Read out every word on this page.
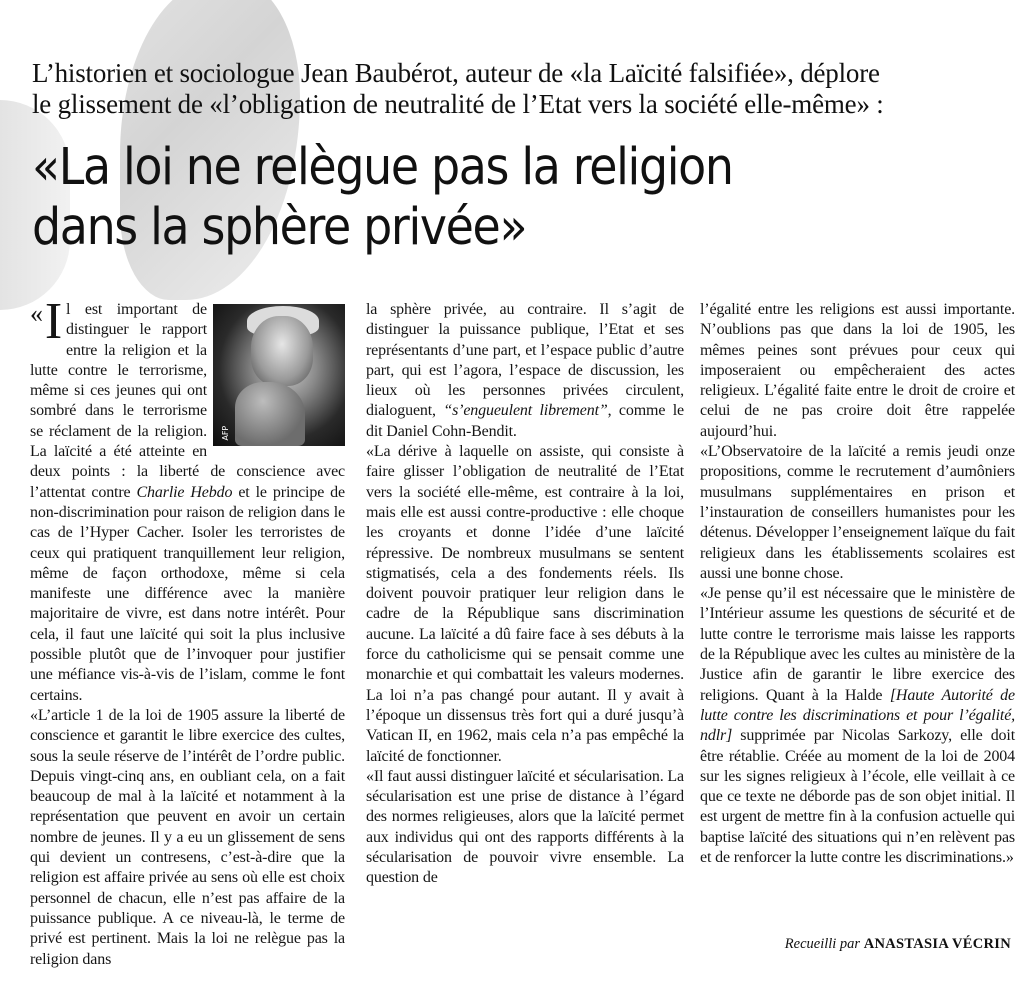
L’historien et sociologue Jean Baubérot, auteur de «la Laïcité falsifiée», déplore
le glissement de «l’obligation de neutralité de l’Etat vers la société elle-même» :
«La loi ne relègue pas la religion
dans la sphère privée»
AFP

« I l est important de distinguer le rapport entre la religion et la lutte contre le terrorisme, même si ces jeunes qui ont sombré dans le terrorisme se réclament de la religion. La laïcité a été atteinte en deux points : la liberté de conscience avec l’attentat contre Charlie Hebdo et le principe de non-discrimination pour raison de religion dans le cas de l’Hyper Cacher. Isoler les terroristes de ceux qui pratiquent tranquillement leur religion, même de façon orthodoxe, même si cela manifeste une différence avec la manière majoritaire de vivre, est dans notre intérêt. Pour cela, il faut une laïcité qui soit la plus inclusive possible plutôt que de l’invoquer pour justifier une méfiance vis-à-vis de l’islam, comme le font certains.

«L’article 1 de la loi de 1905 assure la liberté de conscience et garantit le libre exercice des cultes, sous la seule réserve de l’intérêt de l’ordre public. Depuis vingt-cinq ans, en oubliant cela, on a fait beaucoup de mal à la laïcité et notamment à la représentation que peuvent en avoir un certain nombre de jeunes. Il y a eu un glissement de sens qui devient un contresens, c’est-à-dire que la religion est affaire privée au sens où elle est choix personnel de chacun, elle n’est pas affaire de la puissance publique. A ce niveau-là, le terme de privé est pertinent. Mais la loi ne relègue pas la religion dans

la sphère privée, au contraire. Il s’agit de distinguer la puissance publique, l’Etat et ses représentants d’une part, et l’espace public d’autre part, qui est l’agora, l’espace de discussion, les lieux où les personnes privées circulent, dialoguent, “s’engueulent librement”, comme le dit Daniel Cohn-Bendit.

«La dérive à laquelle on assiste, qui consiste à faire glisser l’obligation de neutralité de l’Etat vers la société elle-même, est contraire à la loi, mais elle est aussi contre-productive : elle choque les croyants et donne l’idée d’une laïcité répressive. De nombreux musulmans se sentent stigmatisés, cela a des fondements réels. Ils doivent pouvoir pratiquer leur religion dans le cadre de la République sans discrimination aucune. La laïcité a dû faire face à ses débuts à la force du catholicisme qui se pensait comme une monarchie et qui combattait les valeurs modernes. La loi n’a pas changé pour autant. Il y avait à l’époque un dissensus très fort qui a duré jusqu’à Vatican II, en 1962, mais cela n’a pas empêché la laïcité de fonctionner.

«Il faut aussi distinguer laïcité et sécularisation. La sécularisation est une prise de distance à l’égard des normes religieuses, alors que la laïcité permet aux individus qui ont des rapports différents à la sécularisation de pouvoir vivre ensemble. La question de

l’égalité entre les religions est aussi importante. N’oublions pas que dans la loi de 1905, les mêmes peines sont prévues pour ceux qui imposeraient ou empêcheraient des actes religieux. L’égalité faite entre le droit de croire et celui de ne pas croire doit être rappelée aujourd’hui.

«L’Observatoire de la laïcité a remis jeudi onze propositions, comme le recrutement d’aumôniers musulmans supplémentaires en prison et l’instauration de conseillers humanistes pour les détenus. Développer l’enseignement laïque du fait religieux dans les établissements scolaires est aussi une bonne chose.

«Je pense qu’il est nécessaire que le ministère de l’Intérieur assume les questions de sécurité et de lutte contre le terrorisme mais laisse les rapports de la République avec les cultes au ministère de la Justice afin de garantir le libre exercice des religions. Quant à la Halde [Haute Autorité de lutte contre les discriminations et pour l’égalité, ndlr] supprimée par Nicolas Sarkozy, elle doit être rétablie. Créée au moment de la loi de 2004 sur les signes religieux à l’école, elle veillait à ce que ce texte ne déborde pas de son objet initial. Il est urgent de mettre fin à la confusion actuelle qui baptise laïcité des situations qui n’en relèvent pas et de renforcer la lutte contre les discriminations.»

Recueilli par ANASTASIA VÉCRIN
